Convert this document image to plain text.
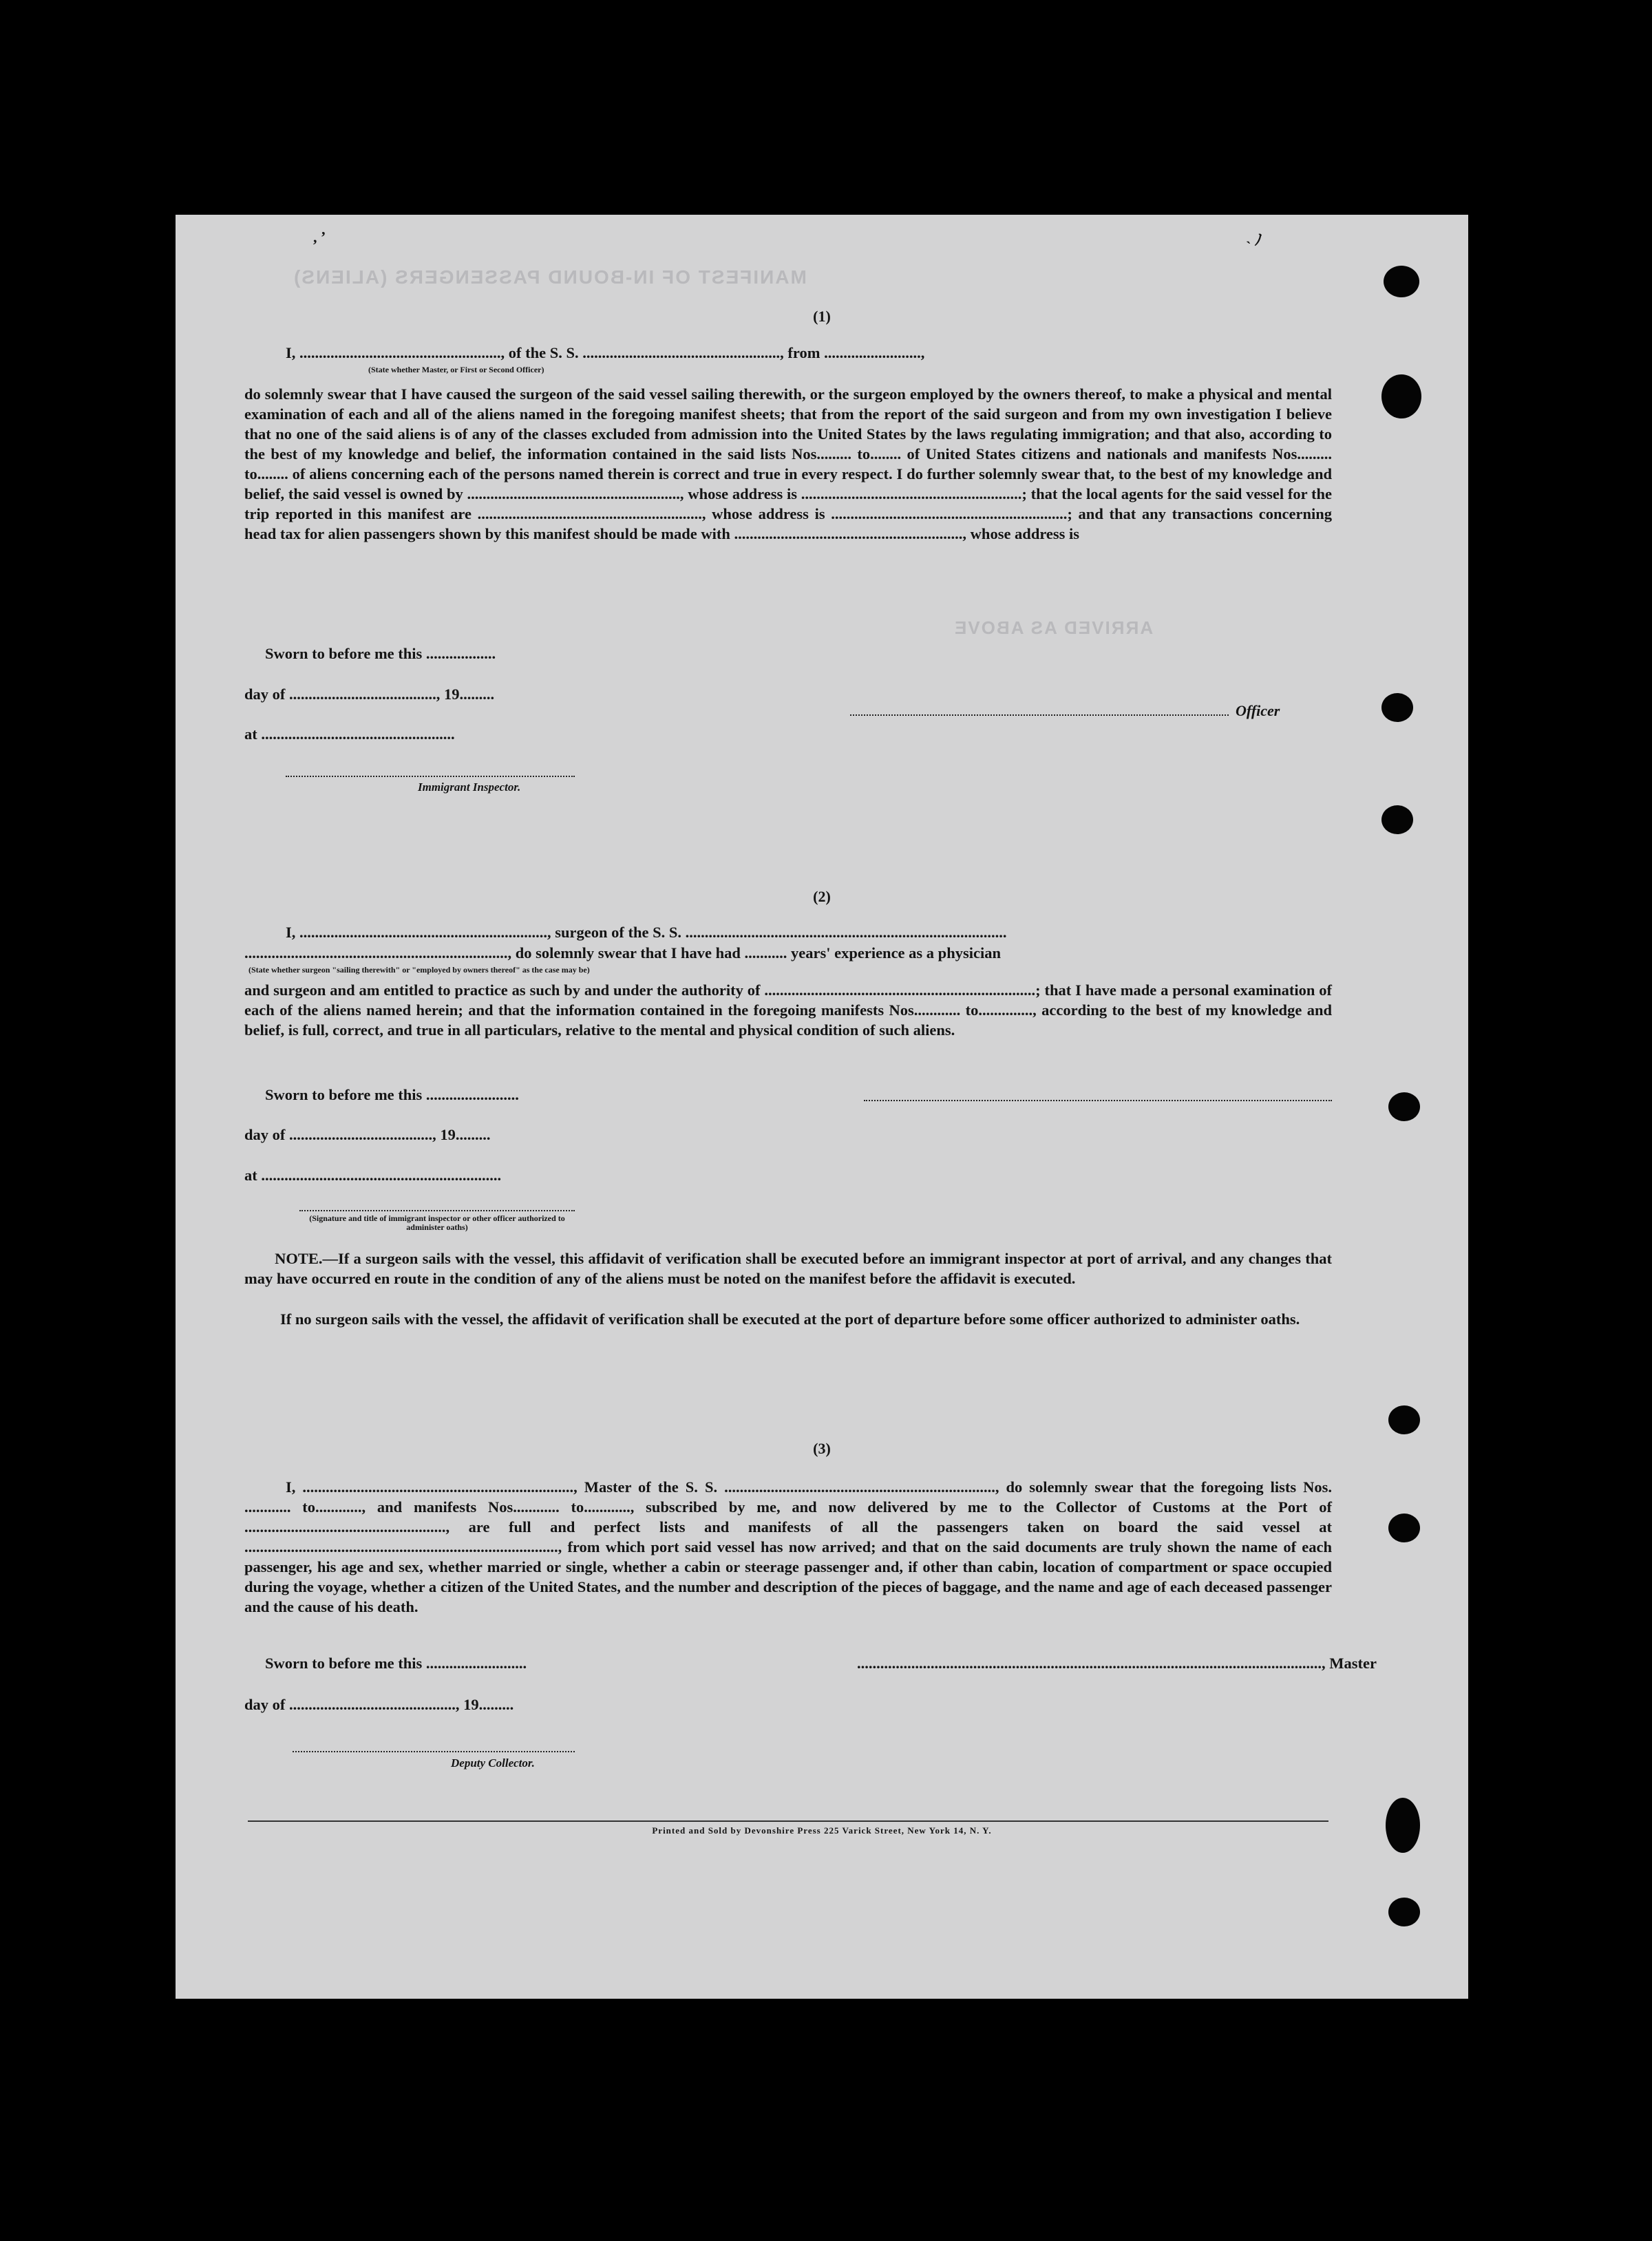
MANIFEST OF IN-BOUND PASSENGERS (ALIENS)
ARRIVED AS ABOVE
, ʼ	˴ ﾉ
(1)
I, ...................................................., of the S. S. ..................................................., from .........................,
(State whether Master, or First or Second Officer)

do solemnly swear that I have caused the surgeon of the said vessel sailing therewith, or the surgeon employed by the owners thereof, to make a physical and mental examination of each and all of the aliens named in the foregoing manifest sheets; that from the report of the said surgeon and from my own investigation I believe that no one of the said aliens is of any of the classes excluded from admission into the United States by the laws regulating immigration; and that also, according to the best of my knowledge and belief, the information contained in the said lists Nos......... to........ of United States citizens and nationals and manifests Nos......... to........ of aliens concerning each of the persons named therein is correct and true in every respect. I do further solemnly swear that, to the best of my knowledge and belief, the said vessel is owned by ......................................................., whose address is .........................................................; that the local agents for the said vessel for the trip reported in this manifest are .........................................................., whose address is .............................................................; and that any transactions concerning head tax for alien passengers shown by this manifest should be made with ..........................................................., whose address is

Sworn to before me this ..................
day of ......................................, 19.........
at ..................................................
Officer
Immigrant Inspector.
(2)
I, ................................................................, surgeon of the S. S. ...................................................................................
...................................................................., do solemnly swear that I have had ........... years' experience as a physician
(State whether surgeon "sailing therewith" or "employed by owners thereof" as the case may be)

and surgeon and am entitled to practice as such by and under the authority of ......................................................................; that I have made a personal examination of each of the aliens named herein; and that the information contained in the foregoing manifests Nos............ to.............., according to the best of my knowledge and belief, is full, correct, and true in all particulars, relative to the mental and physical condition of such aliens.

Sworn to before me this ........................
day of ....................................., 19.........
at ..............................................................
(Signature and title of immigrant inspector or other officer authorized to administer oaths)

NOTE.—If a surgeon sails with the vessel, this affidavit of verification shall be executed before an immigrant inspector at port of arrival, and any changes that may have occurred en route in the condition of any of the aliens must be noted on the manifest before the affidavit is executed.

If no surgeon sails with the vessel, the affidavit of verification shall be executed at the port of departure before some officer authorized to administer oaths.

(3)

I, ......................................................................, Master of the S. S. ......................................................................, do solemnly swear that the foregoing lists Nos. ............ to............, and manifests Nos............ to............, subscribed by me, and now delivered by me to the Collector of Customs at the Port of ...................................................., are full and perfect lists and manifests of all the passengers taken on board the said vessel at ................................................................................., from which port said vessel has now arrived; and that on the said documents are truly shown the name of each passenger, his age and sex, whether married or single, whether a cabin or steerage passenger and, if other than cabin, location of compartment or space occupied during the voyage, whether a citizen of the United States, and the number and description of the pieces of baggage, and the name and age of each deceased passenger and the cause of his death.

Sworn to before me this ..........................	........................................................................................................................, Master
day of ..........................................., 19.........
Deputy Collector.
Printed and Sold by Devonshire Press 225 Varick Street, New York 14, N. Y.
